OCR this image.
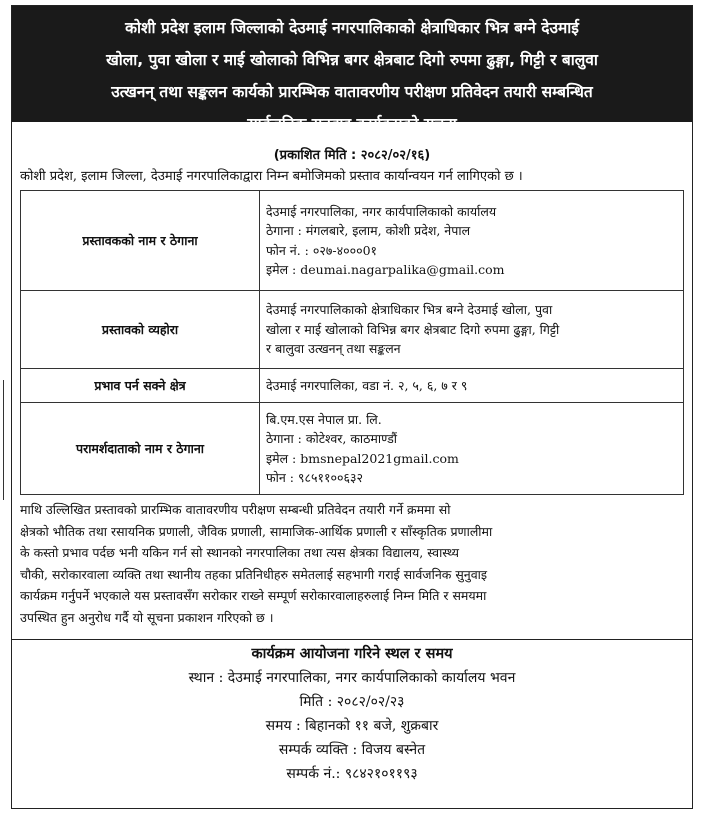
कोशी प्रदेश इलाम जिल्लाको देउमाई नगरपालिकाको क्षेत्राधिकार भित्र बग्ने देउमाई
खोला, पुवा खोला र माई खोलाको विभिन्न बगर क्षेत्रबाट दिगो रुपमा ढुङ्गा, गिट्टी र बालुवा
उत्खनन् तथा सङ्कलन कार्यको प्रारम्भिक वातावरणीय परीक्षण प्रतिवेदन तयारी सम्बन्धित
सार्वजनिक सुनुवाइ कार्यक्रमको सूचना
(प्रकाशित मिति : २०८२/०२/१६)
कोशी प्रदेश, इलाम जिल्ला, देउमाई नगरपालिकाद्वारा निम्न बमोजिमको प्रस्ताव कार्यान्वयन गर्न लागिएको छ ।
प्रस्तावकको नाम र ठेगाना	देउमाई नगरपालिका, नगर कार्यपालिकाको कार्यालय
ठेगाना : मंगलबारे, इलाम, कोशी प्रदेश, नेपाल
फोन नं. : ०२७-४०००0१
इमेल : deumai.nagarpalika@gmail.com

प्रस्तावको व्यहोरा	देउमाई नगरपालिकाको क्षेत्राधिकार भित्र बग्ने देउमाई खोला, पुवा
खोला र माई खोलाको विभिन्न बगर क्षेत्रबाट दिगो रुपमा ढुङ्गा, गिट्टी
र बालुवा उत्खनन् तथा सङ्कलन

प्रभाव पर्न सक्ने क्षेत्र	देउमाई नगरपालिका, वडा नं. २, ५, ६, ७ र ९

परामर्शदाताको नाम र ठेगाना	बि.एम.एस नेपाल प्रा. लि.
ठेगाना : कोटेश्वर, काठमाण्डौं
इमेल : bmsnepal2021gmail.com
फोन : ९८५११००६३२
माथि उल्लिखित प्रस्तावको प्रारम्भिक वातावरणीय परीक्षण सम्बन्धी प्रतिवेदन तयारी गर्ने क्रममा सो
क्षेत्रको भौतिक तथा रसायनिक प्रणाली, जैविक प्रणाली, सामाजिक-आर्थिक प्रणाली र साँस्कृतिक प्रणालीमा
के कस्तो प्रभाव पर्दछ भनी यकिन गर्न सो स्थानको नगरपालिका तथा त्यस क्षेत्रका विद्यालय, स्वास्थ्य
चौकी, सरोकारवाला व्यक्ति तथा स्थानीय तहका प्रतिनिधीहरु समेतलाई सहभागी गराई सार्वजनिक सुनुवाइ
कार्यक्रम गर्नुपर्ने भएकाले यस प्रस्तावसँग सरोकार राख्ने सम्पूर्ण सरोकारवालाहरुलाई निम्न मिति र समयमा
उपस्थित हुन अनुरोध गर्दै यो सूचना प्रकाशन गरिएको छ ।
कार्यक्रम आयोजना गरिने स्थल र समय
स्थान : देउमाई नगरपालिका, नगर कार्यपालिकाको कार्यालय भवन
मिति : २०८२/०२/२३
समय : बिहानको ११ बजे, शुक्रबार
सम्पर्क व्यक्ति : विजय बस्नेत
सम्पर्क नं.: ९८४२१०११९३
